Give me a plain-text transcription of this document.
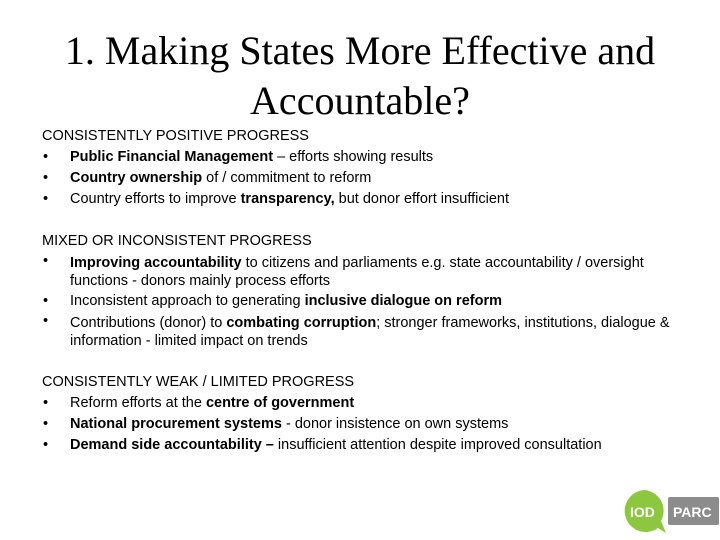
1. Making States More Effective and
Accountable?
CONSISTENTLY POSITIVE PROGRESS
• Public Financial Management – efforts showing results
• Country ownership of / commitment to reform
• Country efforts to improve transparency, but donor effort insufficient
MIXED OR INCONSISTENT PROGRESS
• Improving accountability to citizens and parliaments e.g. state accountability / oversight functions - donors mainly process efforts
• Inconsistent approach to generating inclusive dialogue on reform
• Contributions (donor) to combating corruption; stronger frameworks, institutions, dialogue & information - limited impact on trends
CONSISTENTLY WEAK / LIMITED PROGRESS
• Reform efforts at the centre of government
• National procurement systems - donor insistence on own systems
• Demand side accountability – insufficient attention despite improved consultation
IOD PARC
